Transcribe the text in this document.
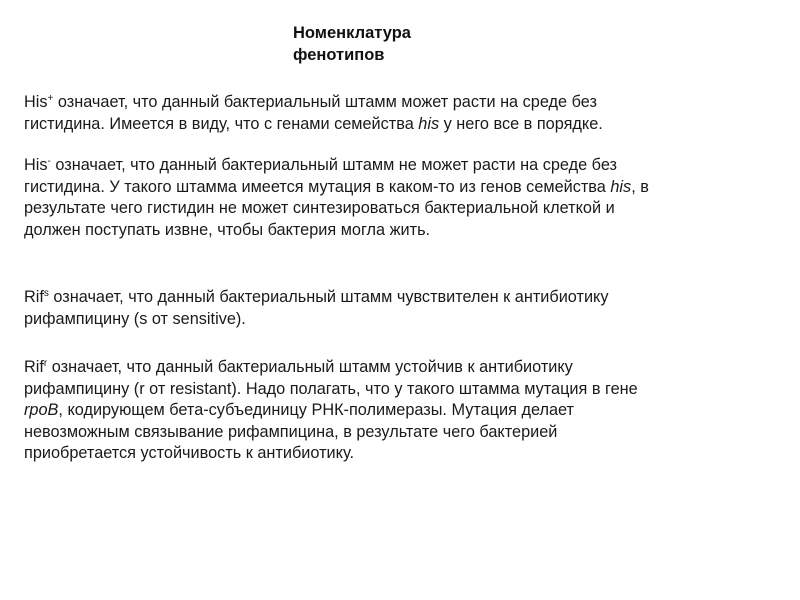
Номенклатура
фенотипов
His+ означает, что данный бактериальный штамм может расти на среде без
гистидина. Имеется в виду, что с генами семейства his у него все в порядке.
His- означает, что данный бактериальный штамм не может расти на среде без
гистидина. У такого штамма имеется мутация в каком-то из генов семейства his, в
результате чего гистидин не может синтезироваться бактериальной клеткой и
должен поступать извне, чтобы бактерия могла жить.
Rif$^s$ означает, что данный бактериальный штамм чувствителен к антибиотику
рифампицину (s от sensitive).
Rif$^r$ означает, что данный бактериальный штамм устойчив к антибиотику
рифампицину (r от resistant). Надо полагать, что у такого штамма мутация в гене
rpoB, кодирующем бета-субъединицу РНК-полимеразы. Мутация делает
невозможным связывание рифампицина, в результате чего бактерией
приобретается устойчивость к антибиотику.
